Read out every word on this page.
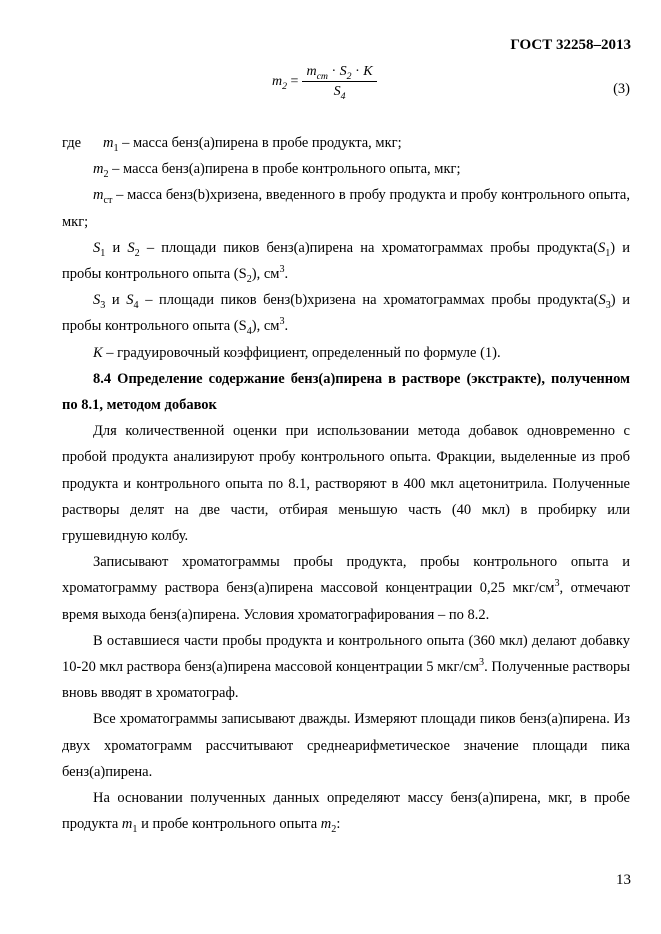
ГОСТ 32258–2013
$m_2 = \frac{m_{ст} \cdot S_2 \cdot K}{S_4}$	(3)

где $m_1$ – масса бенз(а)пирена в пробе продукта, мкг;

$m_2$ – масса бенз(а)пирена в пробе контрольного опыта, мкг;

$m_{ст}$ – масса бенз(b)хризена, введенного в пробу продукта и пробу контрольного опыта, мкг;

$S_1$ и $S_2$ – площади пиков бенз(а)пирена на хроматограммах пробы $продукта(S_1)$ и пробы контрольного опыта $(S_2)$, $см^3$.

$S_3$ и $S_4$ – площади пиков бенз(b)хризена на хроматограммах пробы $продукта(S_3)$ и пробы контрольного опыта $(S_4)$, $см^3$.

K – градуировочный коэффициент, определенный по формуле (1).

8.4 Определение содержание бенз(а)пирена в растворе (экстракте), полученном по 8.1, методом добавок

Для количественной оценки при использовании метода добавок одновременно с пробой продукта анализируют пробу контрольного опыта. Фракции, выделенные из проб продукта и контрольного опыта по 8.1, растворяют в 400 мкл ацетонитрила. Полученные растворы делят на две части, отбирая меньшую часть (40 мкл) в пробирку или грушевидную колбу.

Записывают хроматограммы пробы продукта, пробы контрольного опыта и хроматограмму раствора бенз(а)пирена массовой концентрации 0,25 мкг/$см^3$, отмечают время выхода бенз(а)пирена. Условия хроматографирования – по 8.2.

В оставшиеся части пробы продукта и контрольного опыта (360 мкл) делают добавку 10-20 мкл раствора бенз(а)пирена массовой концентрации 5 мкг/$см^3$. Полученные растворы вновь вводят в хроматограф.

Все хроматограммы записывают дважды. Измеряют площади пиков бенз(а)пирена. Из двух хроматограмм рассчитывают среднеарифметическое значение площади пика бенз(а)пирена.

На основании полученных данных определяют массу бенз(а)пирена, мкг, в пробе продукта $m_1$ и пробе контрольного опыта $m_2$:

13
